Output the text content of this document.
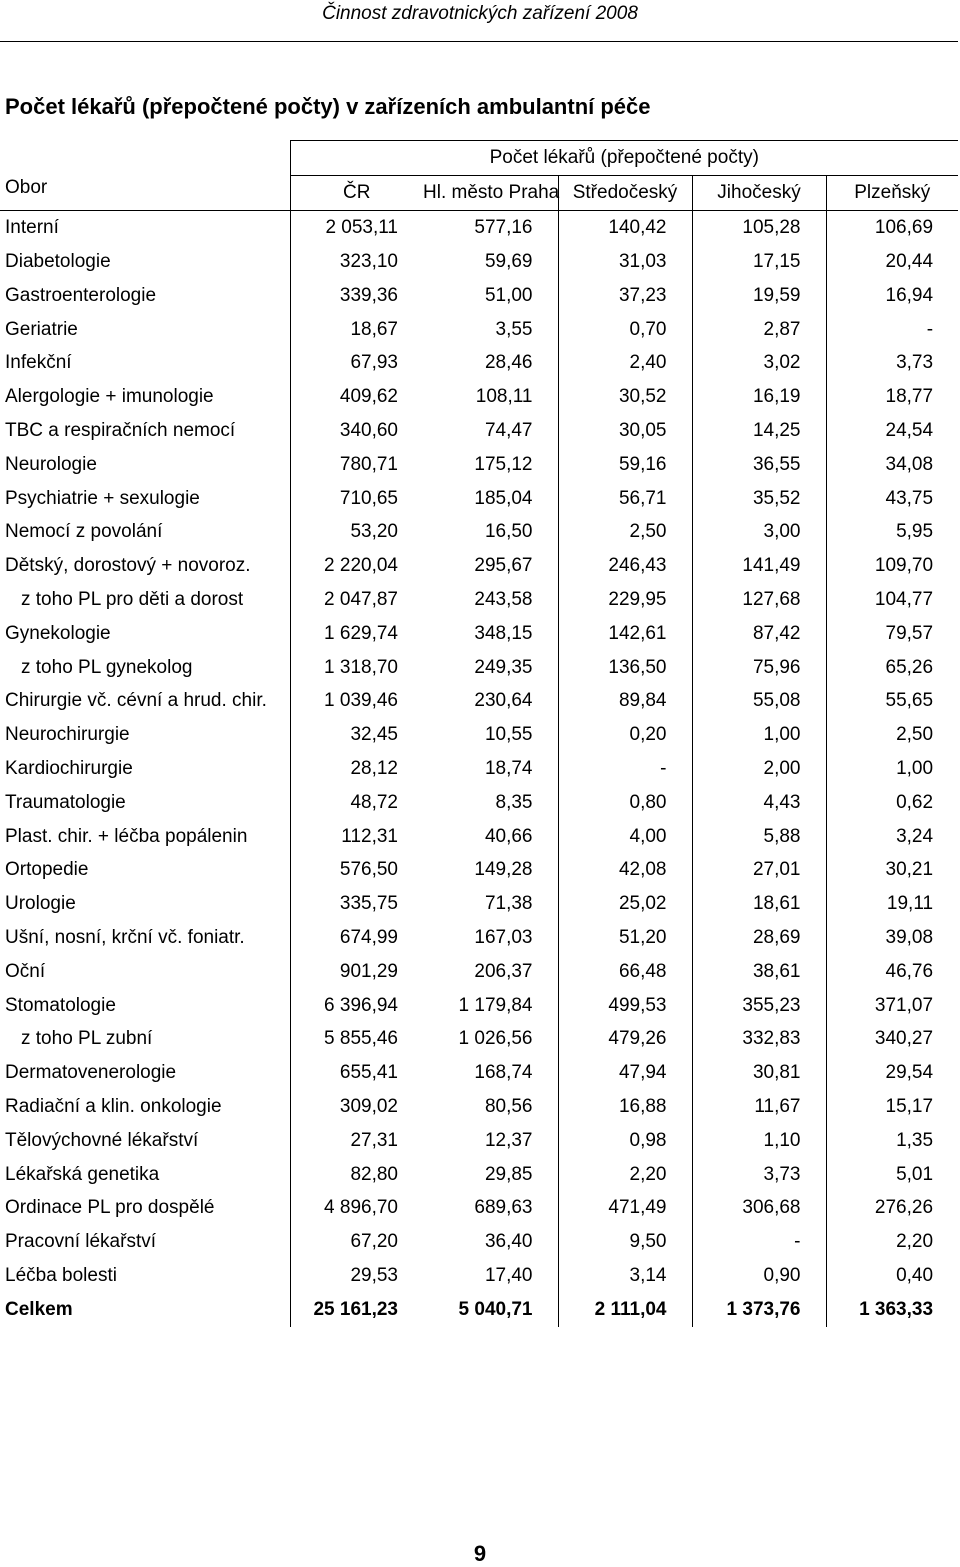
Činnost zdravotnických zařízení 2008
Počet lékařů (přepočtené počty) v zařízeních ambulantní péče
Obor	Počet lékařů (přepočtené počty)				
	ČR	Hl. město Praha	Středočeský	Jihočeský	Plzeňský
Interní	2 053,11	577,16	140,42	105,28	106,69
Diabetologie	323,10	59,69	31,03	17,15	20,44
Gastroenterologie	339,36	51,00	37,23	19,59	16,94
Geriatrie	18,67	3,55	0,70	2,87	-
Infekční	67,93	28,46	2,40	3,02	3,73
Alergologie + imunologie	409,62	108,11	30,52	16,19	18,77
TBC a respiračních nemocí	340,60	74,47	30,05	14,25	24,54
Neurologie	780,71	175,12	59,16	36,55	34,08
Psychiatrie + sexulogie	710,65	185,04	56,71	35,52	43,75
Nemocí z povolání	53,20	16,50	2,50	3,00	5,95
Dětský, dorostový + novoroz.	2 220,04	295,67	246,43	141,49	109,70
z toho PL pro děti a dorost	2 047,87	243,58	229,95	127,68	104,77
Gynekologie	1 629,74	348,15	142,61	87,42	79,57
z toho PL gynekolog	1 318,70	249,35	136,50	75,96	65,26
Chirurgie vč. cévní a hrud. chir.	1 039,46	230,64	89,84	55,08	55,65
Neurochirurgie	32,45	10,55	0,20	1,00	2,50
Kardiochirurgie	28,12	18,74	-	2,00	1,00
Traumatologie	48,72	8,35	0,80	4,43	0,62
Plast. chir. + léčba popálenin	112,31	40,66	4,00	5,88	3,24
Ortopedie	576,50	149,28	42,08	27,01	30,21
Urologie	335,75	71,38	25,02	18,61	19,11
Ušní, nosní, krční vč. foniatr.	674,99	167,03	51,20	28,69	39,08
Oční	901,29	206,37	66,48	38,61	46,76
Stomatologie	6 396,94	1 179,84	499,53	355,23	371,07
z toho PL zubní	5 855,46	1 026,56	479,26	332,83	340,27
Dermatovenerologie	655,41	168,74	47,94	30,81	29,54
Radiační a klin. onkologie	309,02	80,56	16,88	11,67	15,17
Tělovýchovné lékařství	27,31	12,37	0,98	1,10	1,35
Lékařská genetika	82,80	29,85	2,20	3,73	5,01
Ordinace PL pro dospělé	4 896,70	689,63	471,49	306,68	276,26
Pracovní lékařství	67,20	36,40	9,50	-	2,20
Léčba bolesti	29,53	17,40	3,14	0,90	0,40
Celkem	25 161,23	5 040,71	2 111,04	1 373,76	1 363,33
9
